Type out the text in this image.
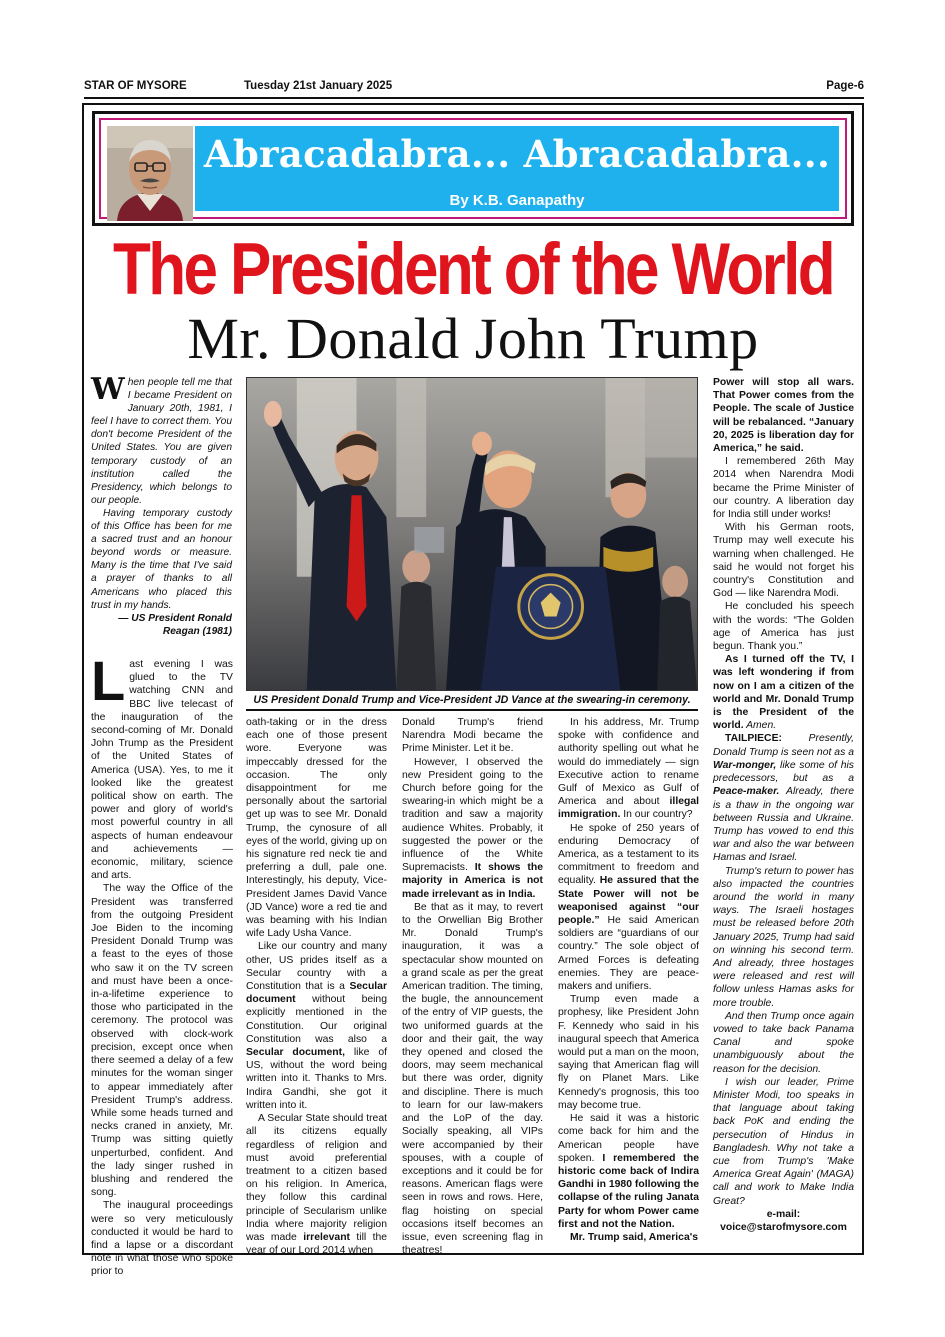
STAR OF MYSORE	Tuesday 21st January 2025	Page-6
Abracadabra... Abracadabra...
By K.B. Ganapathy
The President of the World
Mr. Donald John Trump

When people tell me that I became President on January 20th, 1981, I feel I have to correct them. You don't become President of the United States. You are given temporary custody of an institution called the Presidency, which belongs to our people.

Having temporary custody of this Office has been for me a sacred trust and an honour beyond words or measure. Many is the time that I've said a prayer of thanks to all Americans who placed this trust in my hands.

— US President Ronald

Reagan (1981)

US President Donald Trump and Vice-President JD Vance at the swearing-in ceremony.

Last evening I was glued to the TV watching CNN and BBC live telecast of the inauguration of the second-coming of Mr. Donald John Trump as the President of the United States of America (USA). Yes, to me it looked like the greatest political show on earth. The power and glory of world's most powerful country in all aspects of human endeavour and achievements — economic, military, science and arts.

The way the Office of the President was transferred from the outgoing President Joe Biden to the incoming President Donald Trump was a feast to the eyes of those who saw it on the TV screen and must have been a once-in-a-lifetime experience to those who participated in the ceremony. The protocol was observed with clock-work precision, except once when there seemed a delay of a few minutes for the woman singer to appear immediately after President Trump's address. While some heads turned and necks craned in anxiety, Mr. Trump was sitting quietly unperturbed, confident. And the lady singer rushed in blushing and rendered the song.

The inaugural proceedings were so very meticulously conducted it would be hard to find a lapse or a discordant note in what those who spoke prior to

oath-taking or in the dress each one of those present wore. Everyone was impeccably dressed for the occasion. The only disappointment for me personally about the sartorial get up was to see Mr. Donald Trump, the cynosure of all eyes of the world, giving up on his signature red neck tie and preferring a dull, pale one. Interestingly, his deputy, Vice-President James David Vance (JD Vance) wore a red tie and was beaming with his Indian wife Lady Usha Vance.

Like our country and many other, US prides itself as a Secular country with a Constitution that is a Secular document without being explicitly mentioned in the Constitution. Our original Constitution was also a Secular document, like of US, without the word being written into it. Thanks to Mrs. Indira Gandhi, she got it written into it.

A Secular State should treat all its citizens equally regardless of religion and must avoid preferential treatment to a citizen based on his religion. In America, they follow this cardinal principle of Secularism unlike India where majority religion was made irrelevant till the year of our Lord 2014 when

Donald Trump's friend Narendra Modi became the Prime Minister. Let it be.

However, I observed the new President going to the Church before going for the swearing-in which might be a tradition and saw a majority audience Whites. Probably, it suggested the power or the influence of the White Supremacists. It shows the majority in America is not made irrelevant as in India.

Be that as it may, to revert to the Orwellian Big Brother Mr. Donald Trump's inauguration, it was a spectacular show mounted on a grand scale as per the great American tradition. The timing, the bugle, the announcement of the entry of VIP guests, the two uniformed guards at the door and their gait, the way they opened and closed the doors, may seem mechanical but there was order, dignity and discipline. There is much to learn for our law-makers and the LoP of the day. Socially speaking, all VIPs were accompanied by their spouses, with a couple of exceptions and it could be for reasons. American flags were seen in rows and rows. Here, flag hoisting on special occasions itself becomes an issue, even screening flag in theatres!

In his address, Mr. Trump spoke with confidence and authority spelling out what he would do immediately — sign Executive action to rename Gulf of Mexico as Gulf of America and about illegal immigration. In our country?

He spoke of 250 years of enduring Democracy of America, as a testament to its commitment to freedom and equality. He assured that the State Power will not be weaponised against “our people.” He said American soldiers are “guardians of our country.” The sole object of Armed Forces is defeating enemies. They are peace-makers and unifiers.

Trump even made a prophesy, like President John F. Kennedy who said in his inaugural speech that America would put a man on the moon, saying that American flag will fly on Planet Mars. Like Kennedy's prognosis, this too may become true.

He said it was a historic come back for him and the American people have spoken. I remembered the historic come back of Indira Gandhi in 1980 following the collapse of the ruling Janata Party for whom Power came first and not the Nation.

Mr. Trump said, America's

Power will stop all wars. That Power comes from the People. The scale of Justice will be rebalanced. “January 20, 2025 is liberation day for America,” he said.

I remembered 26th May 2014 when Narendra Modi became the Prime Minister of our country. A liberation day for India still under works!

With his German roots, Trump may well execute his warning when challenged. He said he would not forget his country's Constitution and God — like Narendra Modi.

He concluded his speech with the words: “The Golden age of America has just begun. Thank you.”

As I turned off the TV, I was left wondering if from now on I am a citizen of the world and Mr. Donald Trump is the President of the world. Amen.

TAILPIECE: Presently, Donald Trump is seen not as a War-monger, like some of his predecessors, but as a Peace-maker. Already, there is a thaw in the ongoing war between Russia and Ukraine. Trump has vowed to end this war and also the war between Hamas and Israel.

Trump's return to power has also impacted the countries around the world in many ways. The Israeli hostages must be released before 20th January 2025, Trump had said on winning his second term. And already, three hostages were released and rest will follow unless Hamas asks for more trouble.

And then Trump once again vowed to take back Panama Canal and spoke unambiguously about the reason for the decision.

I wish our leader, Prime Minister Modi, too speaks in that language about taking back PoK and ending the persecution of Hindus in Bangladesh. Why not take a cue from Trump's 'Make America Great Again' (MAGA) call and work to Make India Great?

e-mail:

voice@starofmysore.com
